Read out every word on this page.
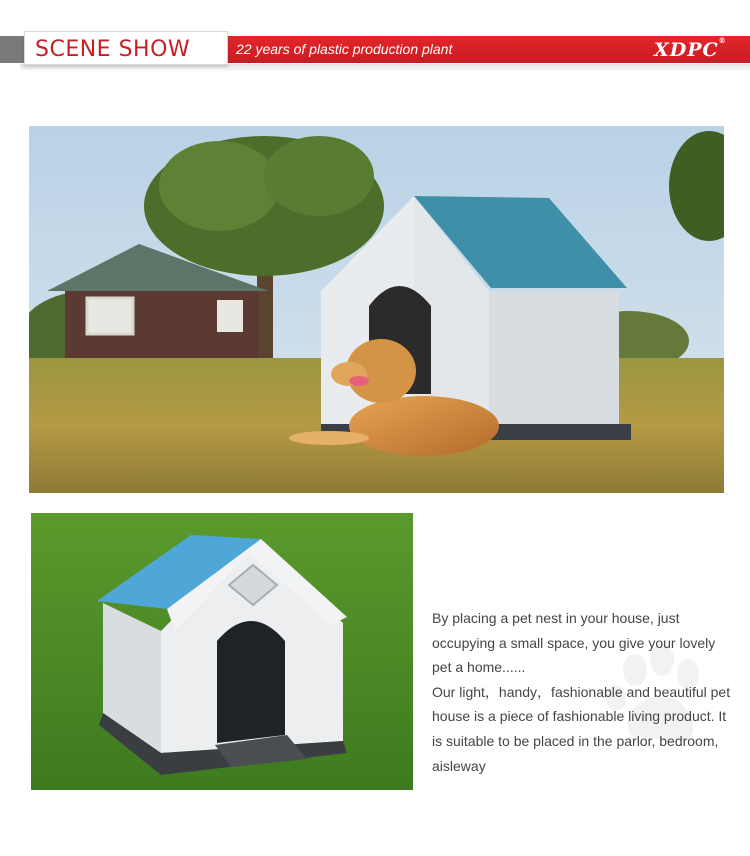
SCENE SHOW	22 years of plastic production plant	XDPC®

By placing a pet nest in your house, just occupying a small space, you give your lovely pet a home......

Our light，handy，fashionable and beautiful pet house is a piece of fashionable living product. It is suitable to be placed in the parlor, bedroom, aisleway
